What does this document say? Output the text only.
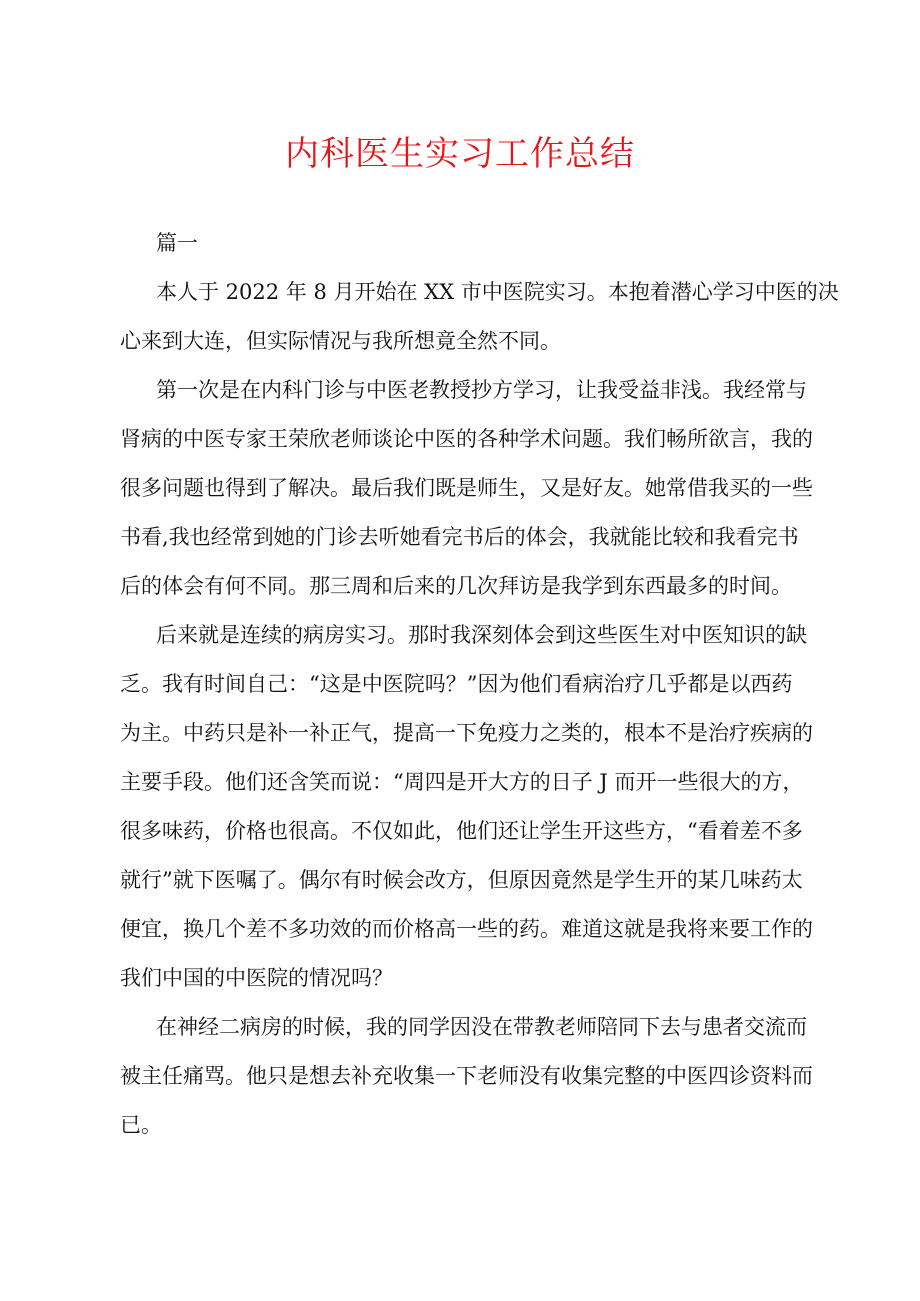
内科医生实习工作总结
篇一
本人于 2022 年 8 月开始在 XX 市中医院实习。本抱着潜心学习中医的决
心来到大连，但实际情况与我所想竟全然不同。
第一次是在内科门诊与中医老教授抄方学习，让我受益非浅。我经常与
肾病的中医专家王荣欣老师谈论中医的各种学术问题。我们畅所欲言，我的
很多问题也得到了解决。最后我们既是师生，又是好友。她常借我买的一些
书看,我也经常到她的门诊去听她看完书后的体会，我就能比较和我看完书
后的体会有何不同。那三周和后来的几次拜访是我学到东西最多的时间。
后来就是连续的病房实习。那时我深刻体会到这些医生对中医知识的缺
乏。我有时间自己：“这是中医院吗？”因为他们看病治疗几乎都是以西药
为主。中药只是补一补正气，提高一下免疫力之类的，根本不是治疗疾病的
主要手段。他们还含笑而说：“周四是开大方的日子 J 而开一些很大的方，
很多味药，价格也很高。不仅如此，他们还让学生开这些方，“看着差不多
就行”就下医嘱了。偶尔有时候会改方，但原因竟然是学生开的某几味药太
便宜，换几个差不多功效的而价格高一些的药。难道这就是我将来要工作的
我们中国的中医院的情况吗？
在神经二病房的时候，我的同学因没在带教老师陪同下去与患者交流而
被主任痛骂。他只是想去补充收集一下老师没有收集完整的中医四诊资料而
已。
